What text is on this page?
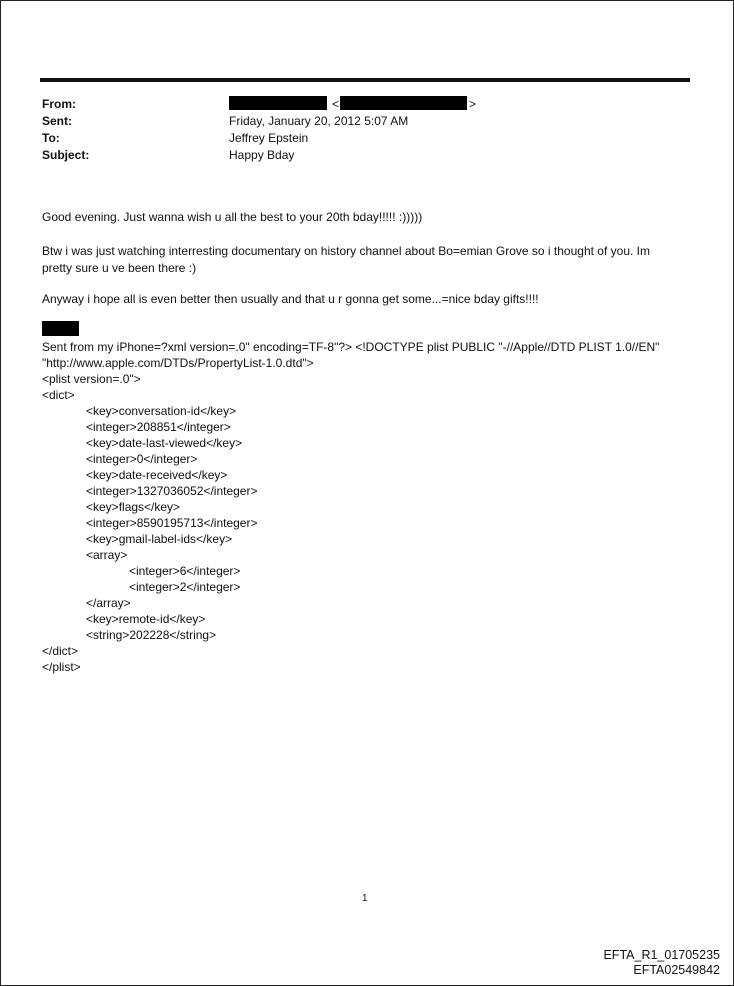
From:
Sent:
To:
Subject:
<	>
Friday, January 20, 2012 5:07 AM
Jeffrey Epstein
Happy Bday
Good evening. Just wanna wish u all the best to your 20th bday!!!!! :)))))
Btw i was just watching interresting documentary on history channel about Bo=emian Grove so i thought of you. Im pretty sure u ve been there :)
Anyway i hope all is even better then usually and that u r gonna get some...=nice bday gifts!!!!
Sent from my iPhone=?xml version=.0" encoding=TF-8"?> <!DOCTYPE plist PUBLIC "-//Apple//DTD PLIST 1.0//EN"
"http://www.apple.com/DTDs/PropertyList-1.0.dtd">
<plist version=.0">
<dict>
<key>conversation-id</key>
<integer>208851</integer>
<key>date-last-viewed</key>
<integer>0</integer>
<key>date-received</key>
<integer>1327036052</integer>
<key>flags</key>
<integer>8590195713</integer>
<key>gmail-label-ids</key>
<array>
<integer>6</integer>
<integer>2</integer>
</array>
<key>remote-id</key>
<string>202228</string>
</dict>
</plist>
1
EFTA_R1_01705235
EFTA02549842
